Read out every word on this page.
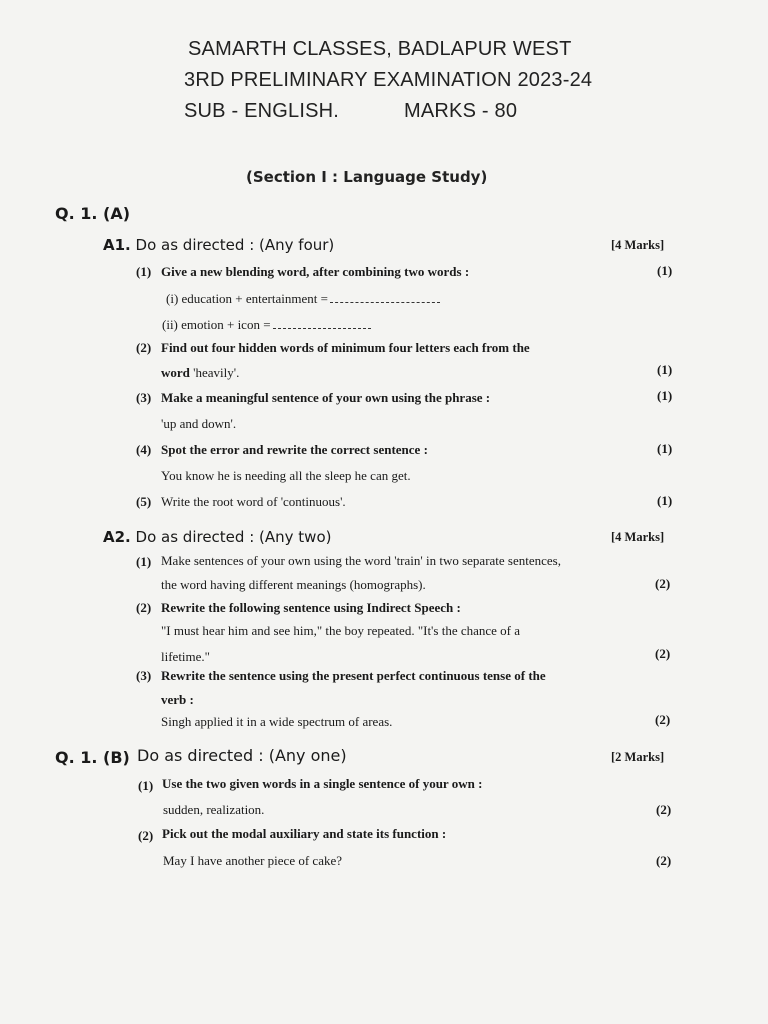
SAMARTH CLASSES, BADLAPUR WEST
3RD PRELIMINARY EXAMINATION 2023-24
SUB - ENGLISH.	MARKS - 80
(Section I : Language Study)
Q. 1. (A)
A1. Do as directed : (Any four)	[4 Marks]
(1) Give a new blending word, after combining two words :	(1)
(i) education + entertainment =
(ii) emotion + icon =
(2) Find out four hidden words of minimum four letters each from the
word 'heavily'.	(1)
(3) Make a meaningful sentence of your own using the phrase :	(1)
'up and down'.
(4) Spot the error and rewrite the correct sentence :	(1)
You know he is needing all the sleep he can get.
(5) Write the root word of 'continuous'.	(1)
A2. Do as directed : (Any two)	[4 Marks]
(1) Make sentences of your own using the word 'train' in two separate sentences,
the word having different meanings (homographs).	(2)
(2) Rewrite the following sentence using Indirect Speech :
"I must hear him and see him," the boy repeated. "It's the chance of a
lifetime."	(2)
(3) Rewrite the sentence using the present perfect continuous tense of the
verb :
Singh applied it in a wide spectrum of areas.	(2)
Q. 1. (B) Do as directed : (Any one)	[2 Marks]
(1) Use the two given words in a single sentence of your own :
sudden, realization.	(2)
(2) Pick out the modal auxiliary and state its function :
May I have another piece of cake?	(2)
